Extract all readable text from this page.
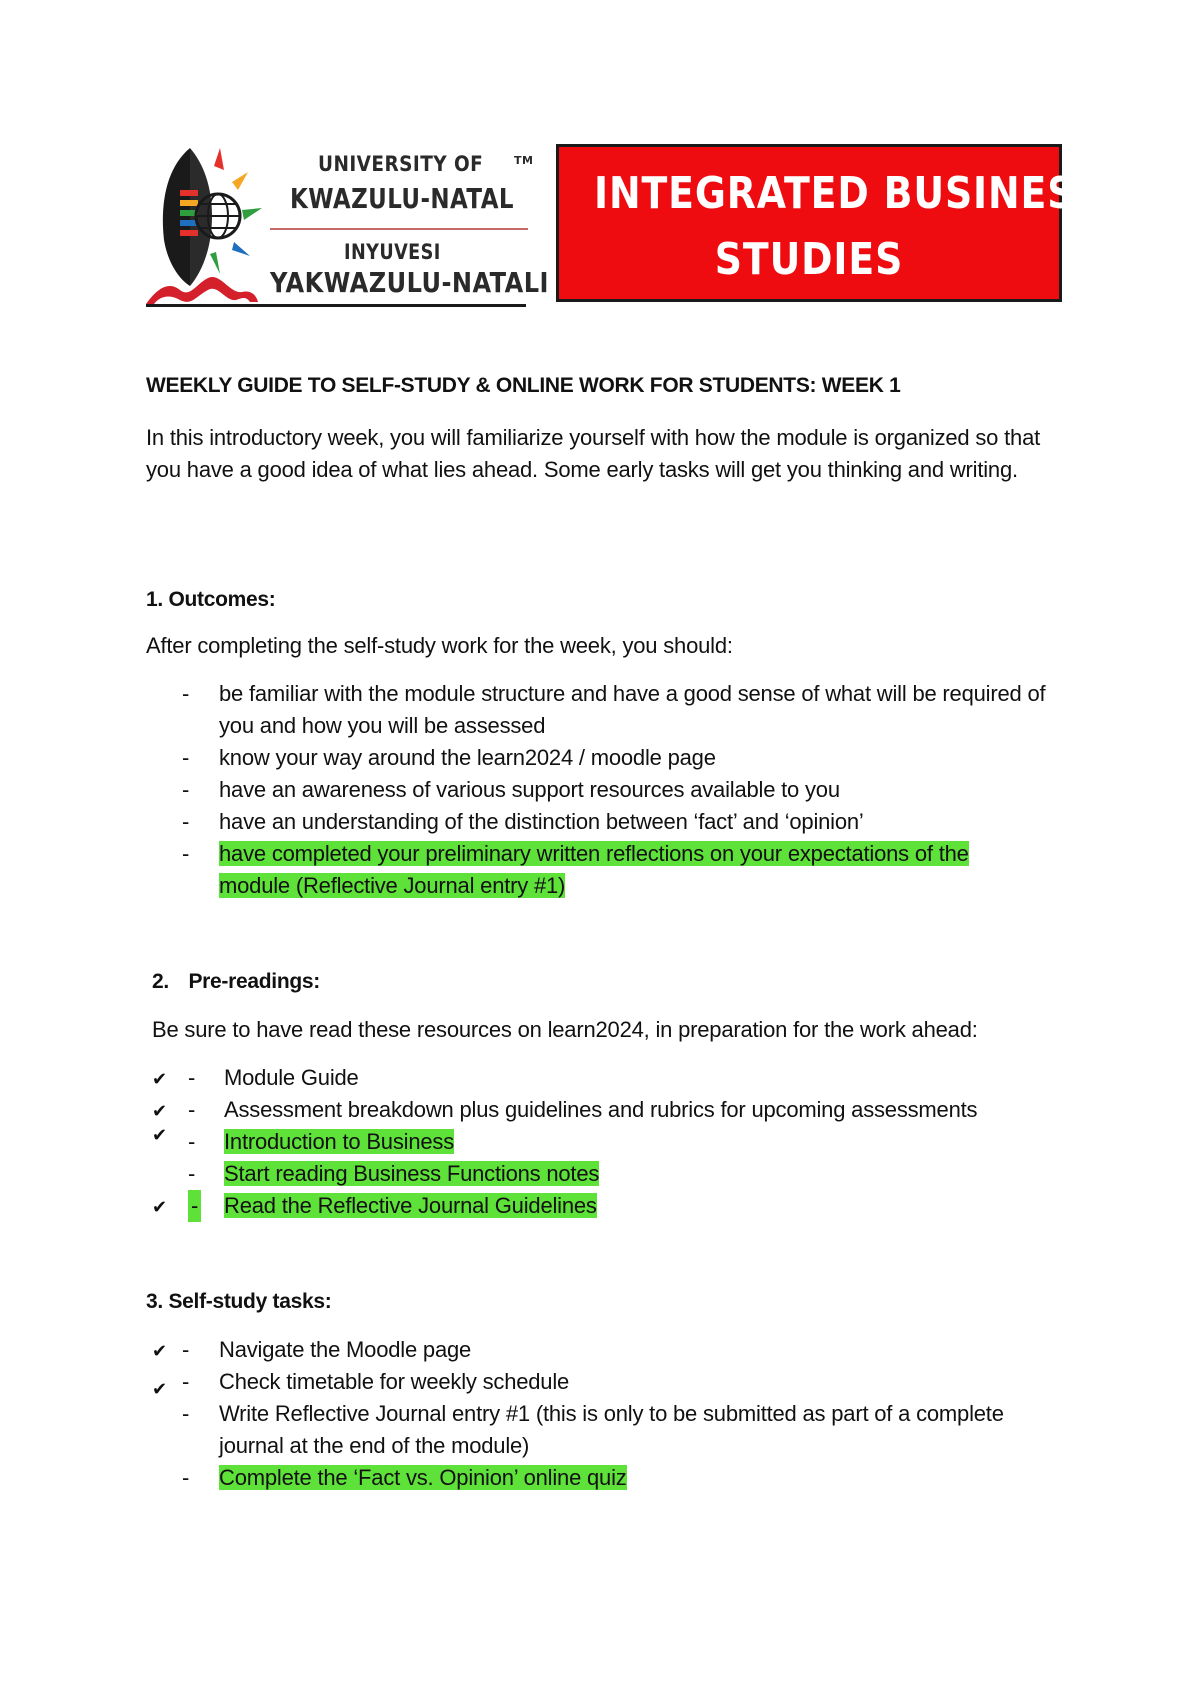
UNIVERSITY OF	TM
KWAZULU-NATAL
INYUVESI
YAKWAZULU-NATALI
INTEGRATED BUSINESS
STUDIES
WEEKLY GUIDE TO SELF-STUDY & ONLINE WORK FOR STUDENTS: WEEK 1
In this introductory week, you will familiarize yourself with how the module is organized so that you have a good idea of what lies ahead. Some early tasks will get you thinking and writing.
1. Outcomes:
After completing the self-study work for the week, you should:
- be familiar with the module structure and have a good sense of what will be required of you and how you will be assessed
- know your way around the learn2024 / moodle page
- have an awareness of various support resources available to you
- have an understanding of the distinction between ‘fact’ and ‘opinion’
- have completed your preliminary written reflections on your expectations of the module (Reflective Journal entry #1)
2. Pre-readings:
Be sure to have read these resources on learn2024, in preparation for the work ahead:
✔ - Module Guide
✔ - Assessment breakdown plus guidelines and rubrics for upcoming assessments
✔ - Introduction to Business
- Start reading Business Functions notes
✔ - Read the Reflective Journal Guidelines
3. Self-study tasks:
✔ - Navigate the Moodle page
✔ - Check timetable for weekly schedule
- Write Reflective Journal entry #1 (this is only to be submitted as part of a complete journal at the end of the module)
- Complete the ‘Fact vs. Opinion’ online quiz
